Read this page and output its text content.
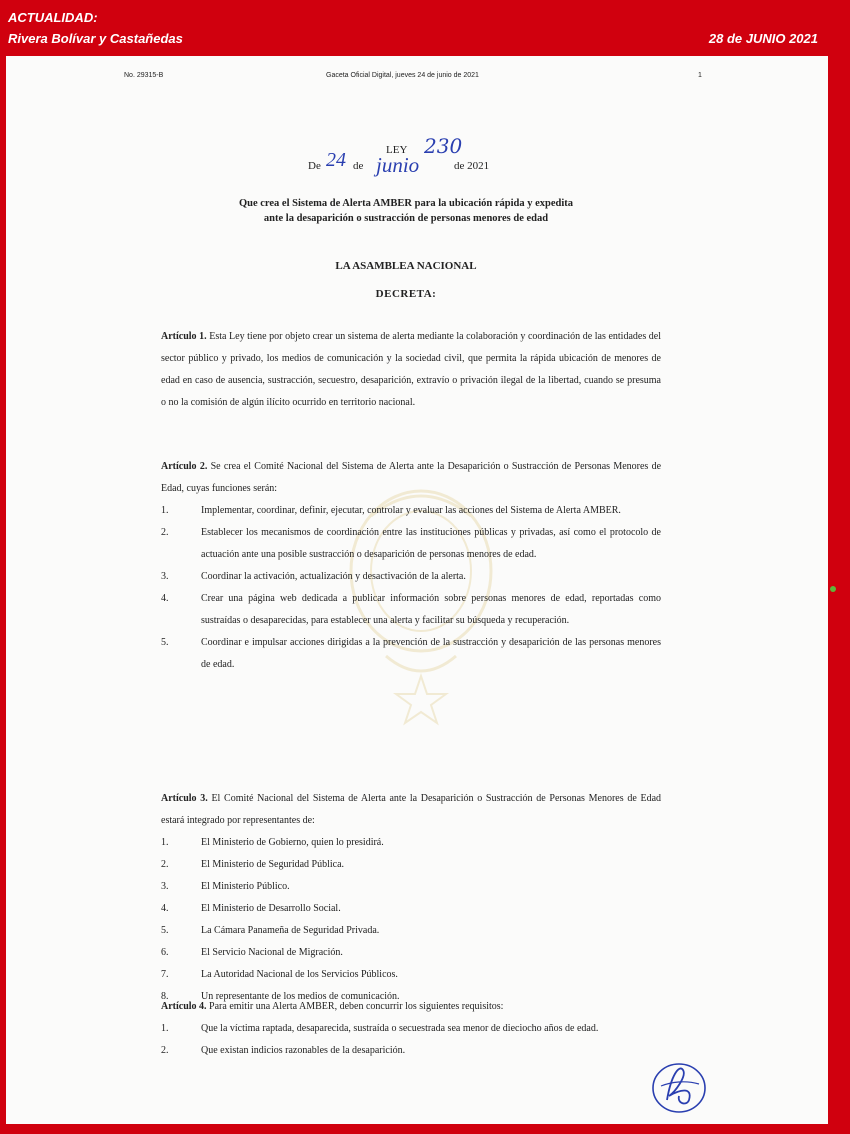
ACTUALIDAD:
Rivera Bolívar y Castañedas	28 de JUNIO 2021
No. 29315-B	Gaceta Oficial Digital, jueves 24 de junio de 2021	1
LEY 230
De 24 de junio	de 2021
Que crea el Sistema de Alerta AMBER para la ubicación rápida y expedita
ante la desaparición o sustracción de personas menores de edad
LA ASAMBLEA NACIONAL
DECRETA:
Artículo 1. Esta Ley tiene por objeto crear un sistema de alerta mediante la colaboración y coordinación de las entidades del sector público y privado, los medios de comunicación y la sociedad civil, que permita la rápida ubicación de menores de edad en caso de ausencia, sustracción, secuestro, desaparición, extravío o privación ilegal de la libertad, cuando se presuma o no la comisión de algún ilícito ocurrido en territorio nacional.
Artículo 2. Se crea el Comité Nacional del Sistema de Alerta ante la Desaparición o Sustracción de Personas Menores de Edad, cuyas funciones serán:
1.	Implementar, coordinar, definir, ejecutar, controlar y evaluar las acciones del Sistema de Alerta AMBER.
2.	Establecer los mecanismos de coordinación entre las instituciones públicas y privadas, así como el protocolo de actuación ante una posible sustracción o desaparición de personas menores de edad.
3.	Coordinar la activación, actualización y desactivación de la alerta.
4.	Crear una página web dedicada a publicar información sobre personas menores de edad, reportadas como sustraídas o desaparecidas, para establecer una alerta y facilitar su búsqueda y recuperación.
5.	Coordinar e impulsar acciones dirigidas a la prevención de la sustracción y desaparición de las personas menores de edad.
Artículo 3. El Comité Nacional del Sistema de Alerta ante la Desaparición o Sustracción de Personas Menores de Edad estará integrado por representantes de:
1.	El Ministerio de Gobierno, quien lo presidirá.
2.	El Ministerio de Seguridad Pública.
3.	El Ministerio Público.
4.	El Ministerio de Desarrollo Social.
5.	La Cámara Panameña de Seguridad Privada.
6.	El Servicio Nacional de Migración.
7.	La Autoridad Nacional de los Servicios Públicos.
8.	Un representante de los medios de comunicación.
Artículo 4. Para emitir una Alerta AMBER, deben concurrir los siguientes requisitos:
1.	Que la víctima raptada, desaparecida, sustraída o secuestrada sea menor de dieciocho años de edad.
2.	Que existan indicios razonables de la desaparición.
